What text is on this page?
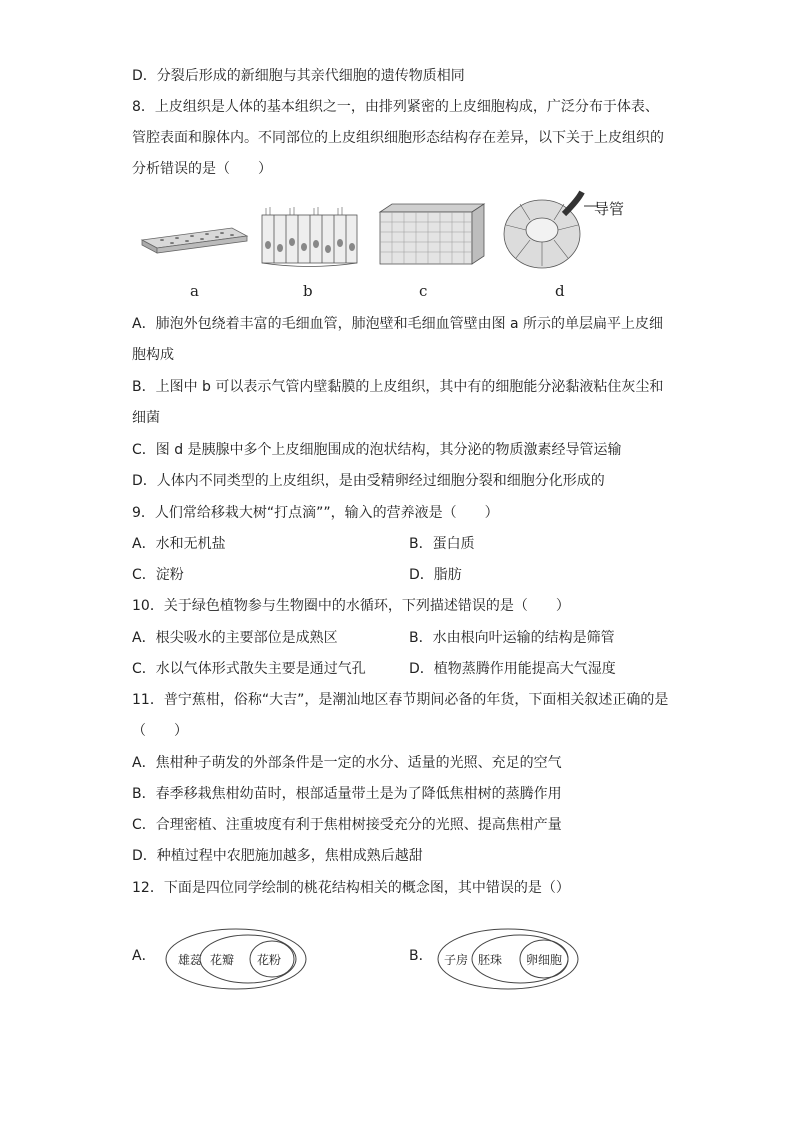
D．分裂后形成的新细胞与其亲代细胞的遗传物质相同
8．上皮组织是人体的基本组织之一，由排列紧密的上皮细胞构成，广泛分布于体表、
管腔表面和腺体内。不同部位的上皮组织细胞形态结构存在差异，以下关于上皮组织的
分析错误的是（　　）
a	b	c	d
导管
A．肺泡外包绕着丰富的毛细血管，肺泡壁和毛细血管壁由图 a 所示的单层扁平上皮细
胞构成
B．上图中 b 可以表示气管内壁黏膜的上皮组织，其中有的细胞能分泌黏液粘住灰尘和
细菌
C．图 d 是胰腺中多个上皮细胞围成的泡状结构，其分泌的物质激素经导管运输
D．人体内不同类型的上皮组织，是由受精卵经过细胞分裂和细胞分化形成的
9．人们常给移栽大树“打点滴””，输入的营养液是（　　）
A．水和无机盐	B．蛋白质
C．淀粉	D．脂肪
10．关于绿色植物参与生物圈中的水循环，下列描述错误的是（　　）
A．根尖吸水的主要部位是成熟区	B．水由根向叶运输的结构是筛管
C．水以气体形式散失主要是通过气孔	D．植物蒸腾作用能提高大气湿度
11．普宁蕉柑，俗称“大吉”，是潮汕地区春节期间必备的年货，下面相关叙述正确的是
（　　）
A．焦柑种子萌发的外部条件是一定的水分、适量的光照、充足的空气
B．春季移栽焦柑幼苗时，根部适量带土是为了降低焦柑树的蒸腾作用
C．合理密植、注重坡度有利于焦柑树接受充分的光照、提高焦柑产量
D．种植过程中农肥施加越多，焦柑成熟后越甜
12．下面是四位同学绘制的桃花结构相关的概念图，其中错误的是（）
A． 雄蕊 花瓣 花粉	B． 子房 胚珠 卵细胞
